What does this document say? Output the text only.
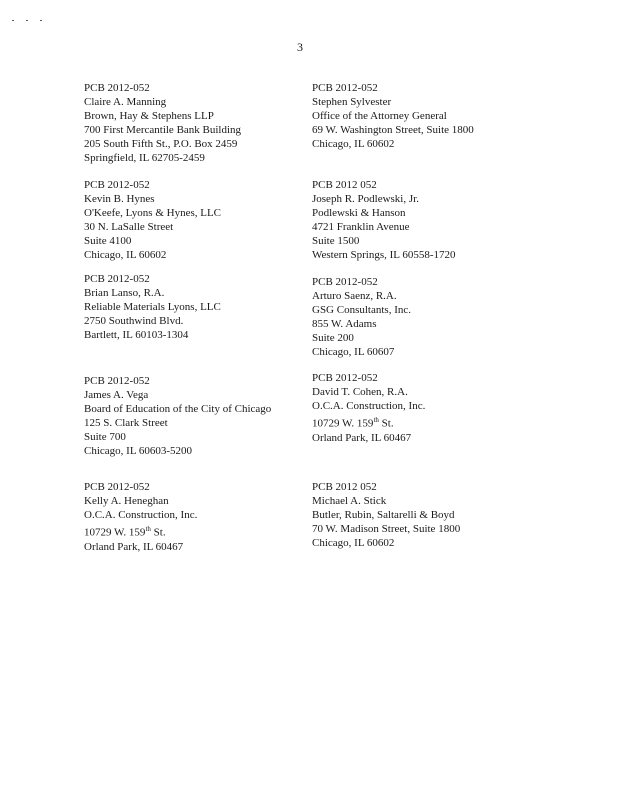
3
PCB 2012-052
Claire A. Manning
Brown, Hay & Stephens LLP
700 First Mercantile Bank Building
205 South Fifth St., P.O. Box 2459
Springfield, IL 62705-2459
PCB 2012-052
Stephen Sylvester
Office of the Attorney General
69 W. Washington Street, Suite 1800
Chicago, IL 60602
PCB 2012-052
Kevin B. Hynes
O'Keefe, Lyons & Hynes, LLC
30 N. LaSalle Street
Suite 4100
Chicago, IL 60602
PCB 2012 052
Joseph R. Podlewski, Jr.
Podlewski & Hanson
4721 Franklin Avenue
Suite 1500
Western Springs, IL 60558-1720
PCB 2012-052
Brian Lanso, R.A.
Reliable Materials Lyons, LLC
2750 Southwind Blvd.
Bartlett, IL 60103-1304
PCB 2012-052
Arturo Saenz, R.A.
GSG Consultants, Inc.
855 W. Adams
Suite 200
Chicago, IL 60607
PCB 2012-052
James A. Vega
Board of Education of the City of Chicago
125 S. Clark Street
Suite 700
Chicago, IL 60603-5200
PCB 2012-052
David T. Cohen, R.A.
O.C.A. Construction, Inc.
10729 W. 159th St.
Orland Park, IL 60467
PCB 2012-052
Kelly A. Heneghan
O.C.A. Construction, Inc.
10729 W. 159th St.
Orland Park, IL 60467
PCB 2012 052
Michael A. Stick
Butler, Rubin, Saltarelli & Boyd
70 W. Madison Street, Suite 1800
Chicago, IL 60602
